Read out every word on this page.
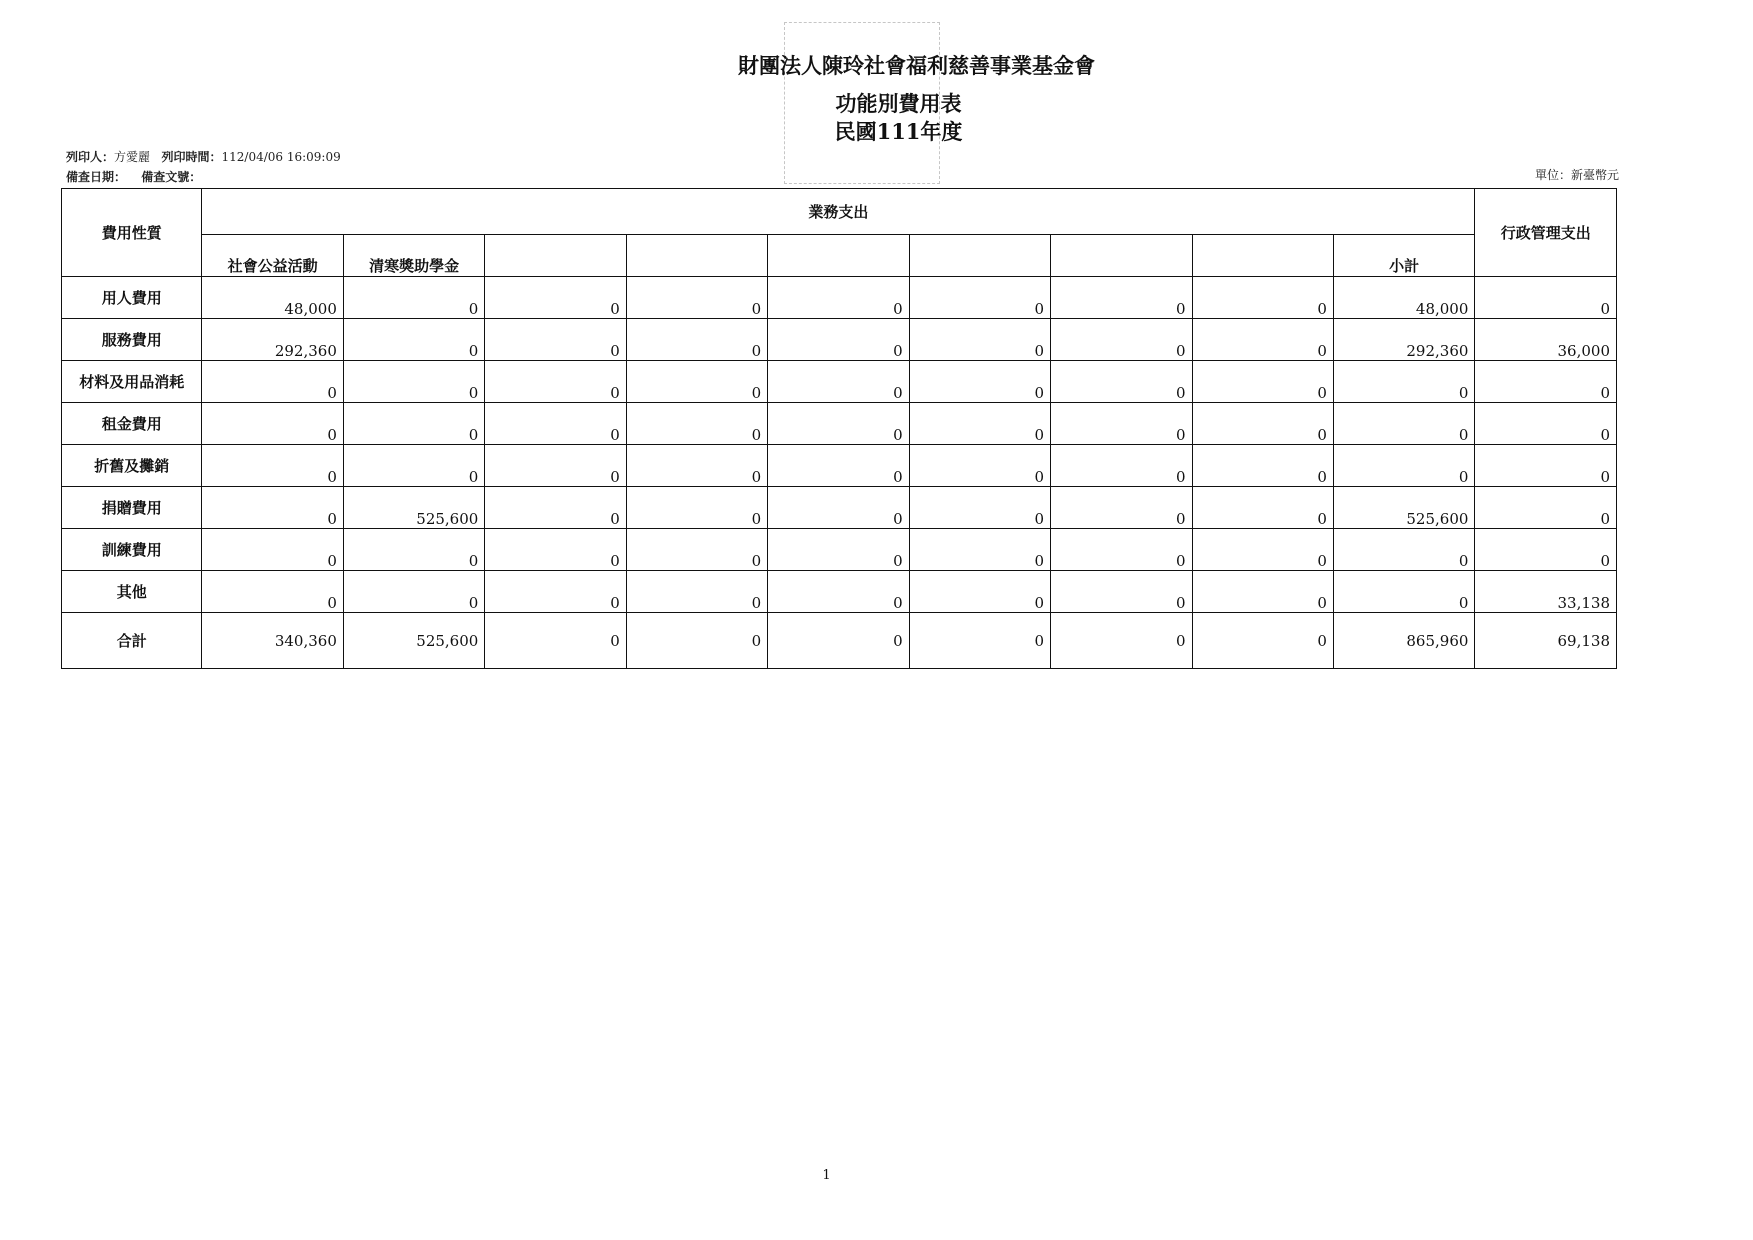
財團法人陳玲社會福利慈善事業基金會
功能別費用表
民國111年度
列印人：方愛麗 列印時間：112/04/06 16:09:09
備查日期： 備查文號：	單位：新臺幣元
費用性質	業務支出									行政管理支出
	社會公益活動	清寒獎助學金							小計	
用人費用	48,000	0	0	0	0	0	0	0	48,000	0
服務費用	292,360	0	0	0	0	0	0	0	292,360	36,000
材料及用品消耗	0	0	0	0	0	0	0	0	0	0
租金費用	0	0	0	0	0	0	0	0	0	0
折舊及攤銷	0	0	0	0	0	0	0	0	0	0
捐贈費用	0	525,600	0	0	0	0	0	0	525,600	0
訓練費用	0	0	0	0	0	0	0	0	0	0
其他	0	0	0	0	0	0	0	0	0	33,138
合計	340,360	525,600	0	0	0	0	0	0	865,960	69,138
1
